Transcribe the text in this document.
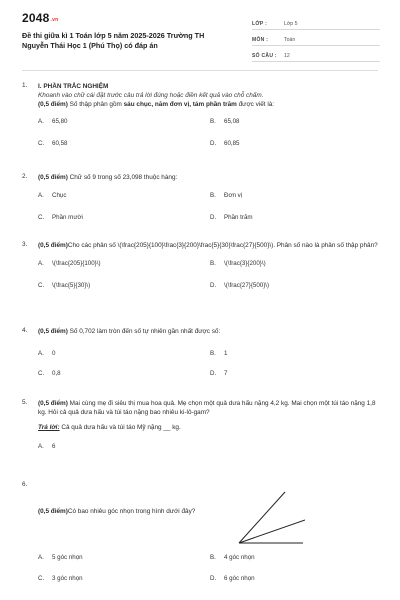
2048.vn
Đề thi giữa kì 1 Toán lớp 5 năm 2025-2026 Trường TH Nguyễn Thái Học 1 (Phú Thọ) có đáp án
LỚP :	Lớp 5
MÔN :	Toán
SỐ CÂU :	12
1.	I. PHẦN TRẮC NGHIỆM
Khoanh vào chữ cái đặt trước câu trả lời đúng hoặc điền kết quả vào chỗ chấm.
(0,5 điểm) Số thập phân gồm sáu chục, năm đơn vị, tám phần trăm được viết là:
A.	65,80	B.	65,08
C.	60,58	D.	60,85
2.	(0,5 điểm) Chữ số 9 trong số 23,098 thuộc hàng:
A.	Chục	B.	Đơn vị
C.	Phần mười	D.	Phần trăm
3.	(0,5 điểm)Cho các phân số \(\frac{205}{100}\frac{3}{200}\frac{5}{30}\frac{27}{500}\). Phân số nào là phân số thập phân?
A.	\(\frac{205}{100}\)	B.	\(\frac{3}{200}\)
C.	\(\frac{5}{30}\)	D.	\(\frac{27}{500}\)
4.	(0,5 điểm) Số 0,702 làm tròn đến số tự nhiên gần nhất được số:
A.	0	B.	1
C.	0,8	D.	7
5.	(0,5 điểm) Mai cùng mẹ đi siêu thị mua hoa quả. Mẹ chọn một quả dưa hấu nặng 4,2 kg. Mai chọn một túi táo nặng 1,8 kg. Hỏi cả quả dưa hấu và túi táo nặng bao nhiêu ki-lô-gam?
Trả lời: Cả quả dưa hấu và túi táo Mỹ nặng __ kg.
A.	6
6.
(0,5 điểm)Có bao nhiêu góc nhọn trong hình dưới đây?
A.	5 góc nhọn	B.	4 góc nhọn
C.	3 góc nhọn	D.	6 góc nhọn
